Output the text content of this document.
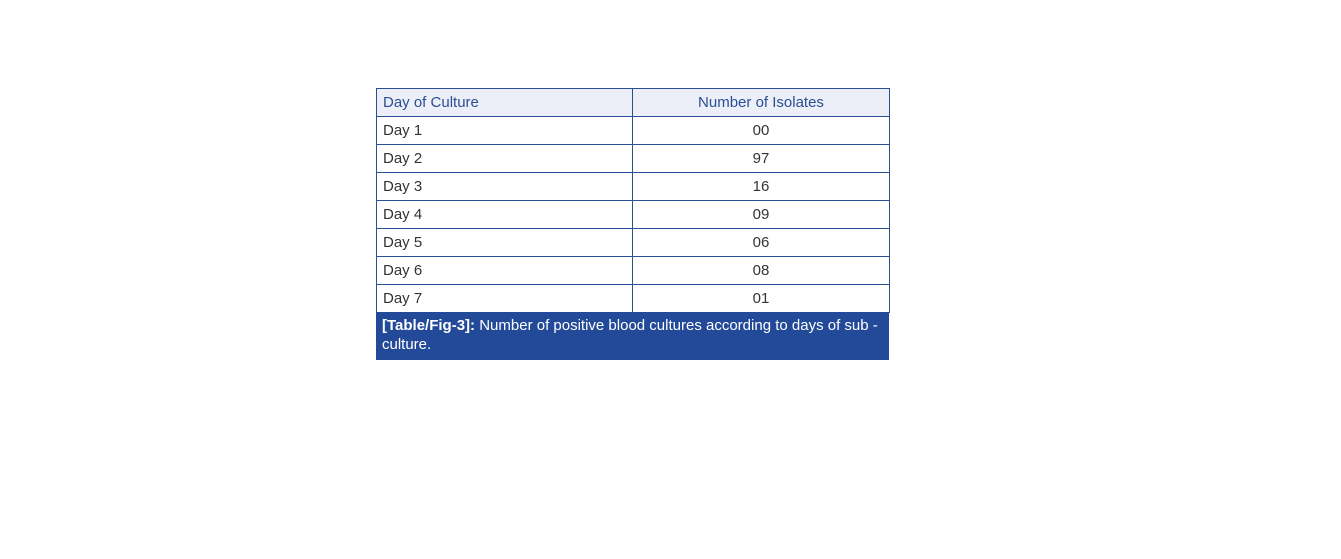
Day of Culture	Number of Isolates
Day 1	00
Day 2	97
Day 3	16
Day 4	09
Day 5	06
Day 6	08
Day 7	01
[Table/Fig-3]: Number of positive blood cultures according to days of sub -culture.
